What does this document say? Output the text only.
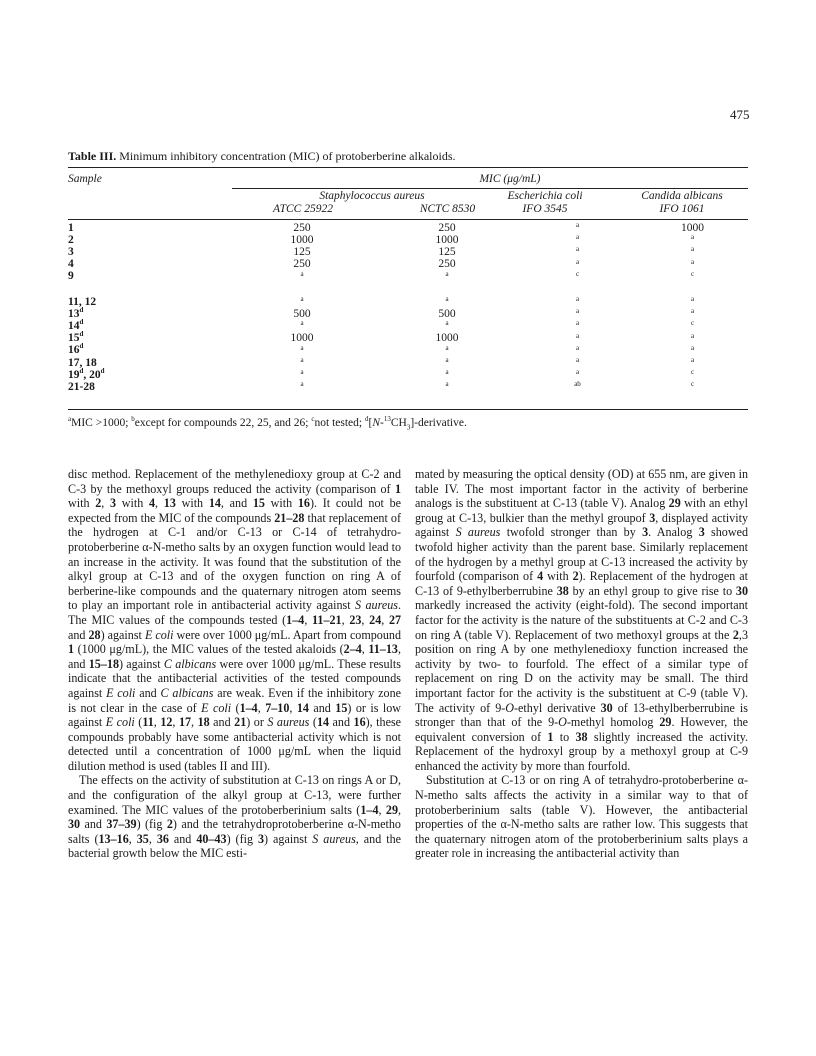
475
Table III. Minimum inhibitory concentration (MIC) of protoberberine alkaloids.
Sample	MIC (μg/mL)
Staphylococcus aureus	Escherichia coli	Candida albicans
ATCC 25922	NCTC 8530	IFO 3545	IFO 1061
1	250	250	$^a$	1000
2	1000	1000	$^a$	$^a$
3	125	125	$^a$	$^a$
4	250	250	$^a$	$^a$
9	$^a$	$^a$	$^c$	$^c$

11, 12	$^a$	$^a$	$^a$	$^a$
13$^d$	500	500	$^a$	$^a$
14$^d$	$^a$	$^a$	$^a$	$^c$
15$^d$	1000	1000	$^a$	$^a$
16$^d$	$^a$	$^a$	$^a$	$^a$
17, 18	$^a$	$^a$	$^a$	$^a$
19$^d$, 20$^d$	$^a$	$^a$	$^a$	$^c$
21-28	$^a$	$^a$	$^{ab}$	$^c$
$^a$MIC >1000; $^b$except for compounds 22, 25, and 26; $^c$not tested; $^d[N-^{13}CH_3]$-derivative.

disc method. Replacement of the methylenedioxy group at C-2 and C-3 by the methoxyl groups reduced the activity (comparison of 1 with 2, 3 with 4, 13 with 14, and 15 with 16). It could not be expected from the MIC of the compounds 21–28 that replacement of the hydrogen at C-1 and/or C-13 or C-14 of tetrahydro-protoberberine α-N-metho salts by an oxygen function would lead to an increase in the activity. It was found that the substitution of the alkyl group at C-13 and of the oxygen function on ring A of berberine-like compounds and the quaternary nitrogen atom seems to play an important role in antibacterial activity against S aureus. The MIC values of the compounds tested (1–4, 11–21, 23, 24, 27 and 28) against E coli were over 1000 μg/mL. Apart from compound 1 (1000 μg/mL), the MIC values of the tested akaloids (2–4, 11–13, and 15–18) against C albicans were over 1000 μg/mL. These results indicate that the antibacterial activities of the tested compounds against E coli and C albicans are weak. Even if the inhibitory zone is not clear in the case of E coli (1–4, 7–10, 14 and 15) or is low against E coli (11, 12, 17, 18 and 21) or S aureus (14 and 16), these compounds probably have some antibacterial activity which is not detected until a concentration of 1000 μg/mL when the liquid dilution method is used (tables II and III).

The effects on the activity of substitution at C-13 on rings A or D, and the configuration of the alkyl group at C-13, were further examined. The MIC values of the protoberberinium salts (1–4, 29, 30 and 37–39) (fig 2) and the tetrahydroprotoberberine α-N-metho salts (13–16, 35, 36 and 40–43) (fig 3) against S aureus, and the bacterial growth below the MIC esti-

mated by measuring the optical density (OD) at 655 nm, are given in table IV. The most important factor in the activity of berberine analogs is the substituent at C-13 (table V). Analog 29 with an ethyl groug at C-13, bulkier than the methyl groupof 3, displayed activity against S aureus twofold stronger than by 3. Analog 3 showed twofold higher activity than the parent base. Similarly replacement of the hydrogen by a methyl group at C-13 increased the activity by fourfold (comparison of 4 with 2). Replacement of the hydrogen at C-13 of 9-ethylberberrubine 38 by an ethyl group to give rise to 30 markedly increased the activity (eight-fold). The second important factor for the activity is the nature of the substituents at C-2 and C-3 on ring A (table V). Replacement of two methoxyl groups at the 2,3 position on ring A by one methylenedioxy function increased the activity by two- to fourfold. The effect of a similar type of replacement on ring D on the activity may be small. The third important factor for the activity is the substituent at C-9 (table V). The activity of 9-O-ethyl derivative 30 of 13-ethylberberrubine is stronger than that of the 9-O-methyl homolog 29. However, the equivalent conversion of 1 to 38 slightly increased the activity. Replacement of the hydroxyl group by a methoxyl group at C-9 enhanced the activity by more than fourfold.

Substitution at C-13 or on ring A of tetrahydro-protoberberine α-N-metho salts affects the activity in a similar way to that of protoberberinium salts (table V). However, the antibacterial properties of the α-N-metho salts are rather low. This suggests that the quaternary nitrogen atom of the protoberberinium salts plays a greater role in increasing the antibacterial activity than
